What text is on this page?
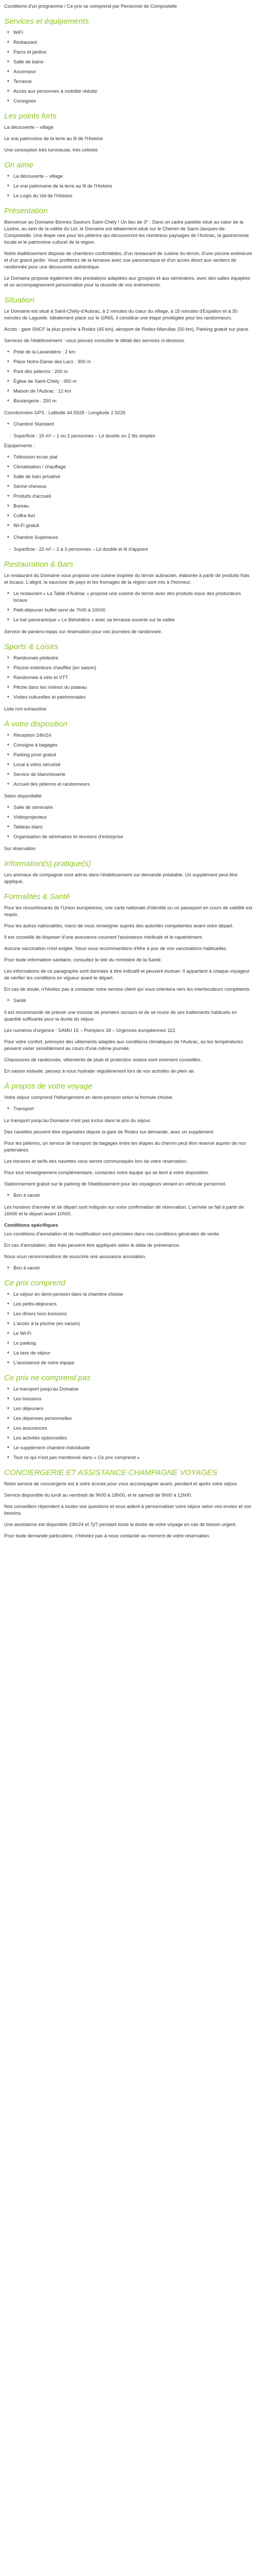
Conditions d'un programme / Ce prix se comprend par Personnel de Compostelle

Services et équipements
■ WiFi
■ Restaurant
■ Parcs et jardins
■ Salle de bains
■ Ascenseur
■ Terrasse
■ Accès aux personnes à mobilité réduite
■ Consignes
Les points forts

La découverte – village

Le vrai patrimoine de la terre au fil de l'Histoire

Une conception très lumineuse, très colorée

On aime
■ La découverte – village
■ Le vrai patrimoine de la terre au fil de l'Histoire
■ Le Logis du Val de l'Histoire
Présentation

Bienvenue au Domaine Bonnes Saveurs Saint-Chély ! Un lieu de 3* : Dans un cadre paisible situé au cœur de la Lozère, au sein de la vallée du Lot, le Domaine est idéalement situé sur le Chemin de Saint-Jacques-de-Compostelle. Une étape rare pour les pèlerins qui découvriront les nombreux paysages de l'Aubrac, la gastronomie locale et le patrimoine culturel de la région.

Notre établissement dispose de chambres confortables, d'un restaurant de cuisine du terroir, d'une piscine extérieure et d'un grand jardin. Vous profiterez de la terrasse avec vue panoramique et d'un accès direct aux sentiers de randonnée pour une découverte authentique.

Le Domaine propose également des prestations adaptées aux groupes et aux séminaires, avec des salles équipées et un accompagnement personnalisé pour la réussite de vos événements.

Situation

Le Domaine est situé à Saint-Chély-d'Aubrac, à 2 minutes du cœur du village, à 15 minutes d'Espalion et à 30 minutes de Laguiole. Idéalement placé sur le GR65, il constitue une étape privilégiée pour les randonneurs.

Accès : gare SNCF la plus proche à Rodez (45 km), aéroport de Rodez-Marcillac (50 km). Parking gratuit sur place.

Services de l'établissement : vous pouvez consulter le détail des services ci-dessous.

■ Piste de la Lavandière : 2 km
■ Place Notre-Dame des Lacs : 300 m
■ Pont des pèlerins : 200 m
■ Église de Saint-Chély : 350 m
■ Maison de l'Aubrac : 12 km
■ Boulangerie : 250 m

Coordonnées GPS : Latitude 44.5928 - Longitude 2.9226

■ Chambre Standard
◦ Superficie : 15 m² – 1 ou 2 personnes – Lit double ou 2 lits simples

Équipements :

■ Télévision écran plat
■ Climatisation / chauffage
■ Salle de bain privative
■ Sèche-cheveux
■ Produits d'accueil
■ Bureau
■ Coffre-fort
■ Wi-Fi gratuit
■ Chambre Supérieure
◦ Superficie : 22 m² – 2 à 3 personnes – Lit double et lit d'appoint
Restauration & Bars

Le restaurant du Domaine vous propose une cuisine inspirée du terroir aubracien, élaborée à partir de produits frais et locaux. L'aligot, la saucisse de pays et les fromages de la région sont mis à l'honneur.

■ Le restaurant « La Table d'Aubrac » propose une cuisine du terroir avec des produits issus des producteurs locaux
■ Petit-déjeuner buffet servi de 7h00 à 10h00
■ Le bar panoramique « Le Belvédère » avec sa terrasse ouverte sur la vallée

Service de paniers-repas sur réservation pour vos journées de randonnée.

Sports & Loisirs
■ Randonnée pédestre
■ Piscine extérieure chauffée (en saison)
■ Randonnée à vélo et VTT
■ Pêche dans les rivières du plateau
■ Visites culturelles et patrimoniales

Liste non exhaustive

À votre disposition
■ Réception 24h/24
■ Consigne à bagages
■ Parking privé gratuit
■ Local à vélos sécurisé
■ Service de blanchisserie
■ Accueil des pèlerins et randonneurs

Selon disponibilité

■ Salle de séminaire
■ Vidéoprojecteur
■ Tableau blanc
■ Organisation de séminaires et réunions d'entreprise

Sur réservation

Information(s) pratique(s)

Les animaux de compagnie sont admis dans l'établissement sur demande préalable. Un supplément peut être appliqué.

Formalités & Santé

Pour les ressortissants de l'Union européenne, une carte nationale d'identité ou un passeport en cours de validité est requis.

Pour les autres nationalités, merci de vous renseigner auprès des autorités compétentes avant votre départ.

Il est conseillé de disposer d'une assurance couvrant l'assistance médicale et le rapatriement.

Aucune vaccination n'est exigée. Nous vous recommandons d'être à jour de vos vaccinations habituelles.

Pour toute information sanitaire, consultez le site du ministère de la Santé.

Les informations de ce paragraphe sont données à titre indicatif et peuvent évoluer. Il appartient à chaque voyageur de vérifier les conditions en vigueur avant le départ.

En cas de doute, n'hésitez pas à contacter notre service client qui vous orientera vers les interlocuteurs compétents.

■ Santé

Il est recommandé de prévoir une trousse de premiers secours et de se munir de ses traitements habituels en quantité suffisante pour la durée du séjour.

Les numéros d'urgence : SAMU 15 – Pompiers 18 – Urgences européennes 112.

Pour votre confort, prévoyez des vêtements adaptés aux conditions climatiques de l'Aubrac, où les températures peuvent varier sensiblement au cours d'une même journée.

Chaussures de randonnée, vêtements de pluie et protection solaire sont vivement conseillés.

En saison estivale, pensez à vous hydrater régulièrement lors de vos activités de plein air.

À propos de votre voyage

Votre séjour comprend l'hébergement en demi-pension selon la formule choisie.

■ Transport

Le transport jusqu'au Domaine n'est pas inclus dans le prix du séjour.

Des navettes peuvent être organisées depuis la gare de Rodez sur demande, avec un supplément.

Pour les pèlerins, un service de transport de bagages entre les étapes du chemin peut être réservé auprès de nos partenaires.

Les horaires et tarifs des navettes vous seront communiqués lors de votre réservation.

Pour tout renseignement complémentaire, contactez notre équipe qui se tient à votre disposition.

Stationnement gratuit sur le parking de l'établissement pour les voyageurs venant en véhicule personnel.

■ Bon à savoir

Les horaires d'arrivée et de départ sont indiqués sur votre confirmation de réservation. L'arrivée se fait à partir de 16h00 et le départ avant 10h00.

Conditions spécifiques

Les conditions d'annulation et de modification sont précisées dans nos conditions générales de vente.

En cas d'annulation, des frais peuvent être appliqués selon le délai de prévenance.

Nous vous recommandons de souscrire une assurance annulation.

■ Bon à savoir
Ce prix comprend
■ Le séjour en demi-pension dans la chambre choisie
■ Les petits-déjeuners
■ Les dîners hors boissons
■ L'accès à la piscine (en saison)
■ Le Wi-Fi
■ Le parking
■ La taxe de séjour
■ L'assistance de notre équipe
Ce prix ne comprend pas
■ Le transport jusqu'au Domaine
■ Les boissons
■ Les déjeuners
■ Les dépenses personnelles
■ Les assurances
■ Les activités optionnelles
■ Le supplément chambre individuelle
■ Tout ce qui n'est pas mentionné dans « Ce prix comprend »
CONCIERGERIE ET ASSISTANCE CHAMPAGNE VOYAGES

Notre service de conciergerie est à votre écoute pour vous accompagner avant, pendant et après votre séjour.

Service disponible du lundi au vendredi de 9h00 à 18h00, et le samedi de 9h00 à 12h00.

Nos conseillers répondent à toutes vos questions et vous aident à personnaliser votre séjour selon vos envies et vos besoins.

Une assistance est disponible 24h/24 et 7j/7 pendant toute la durée de votre voyage en cas de besoin urgent.

Pour toute demande particulière, n'hésitez pas à nous contacter au moment de votre réservation.
